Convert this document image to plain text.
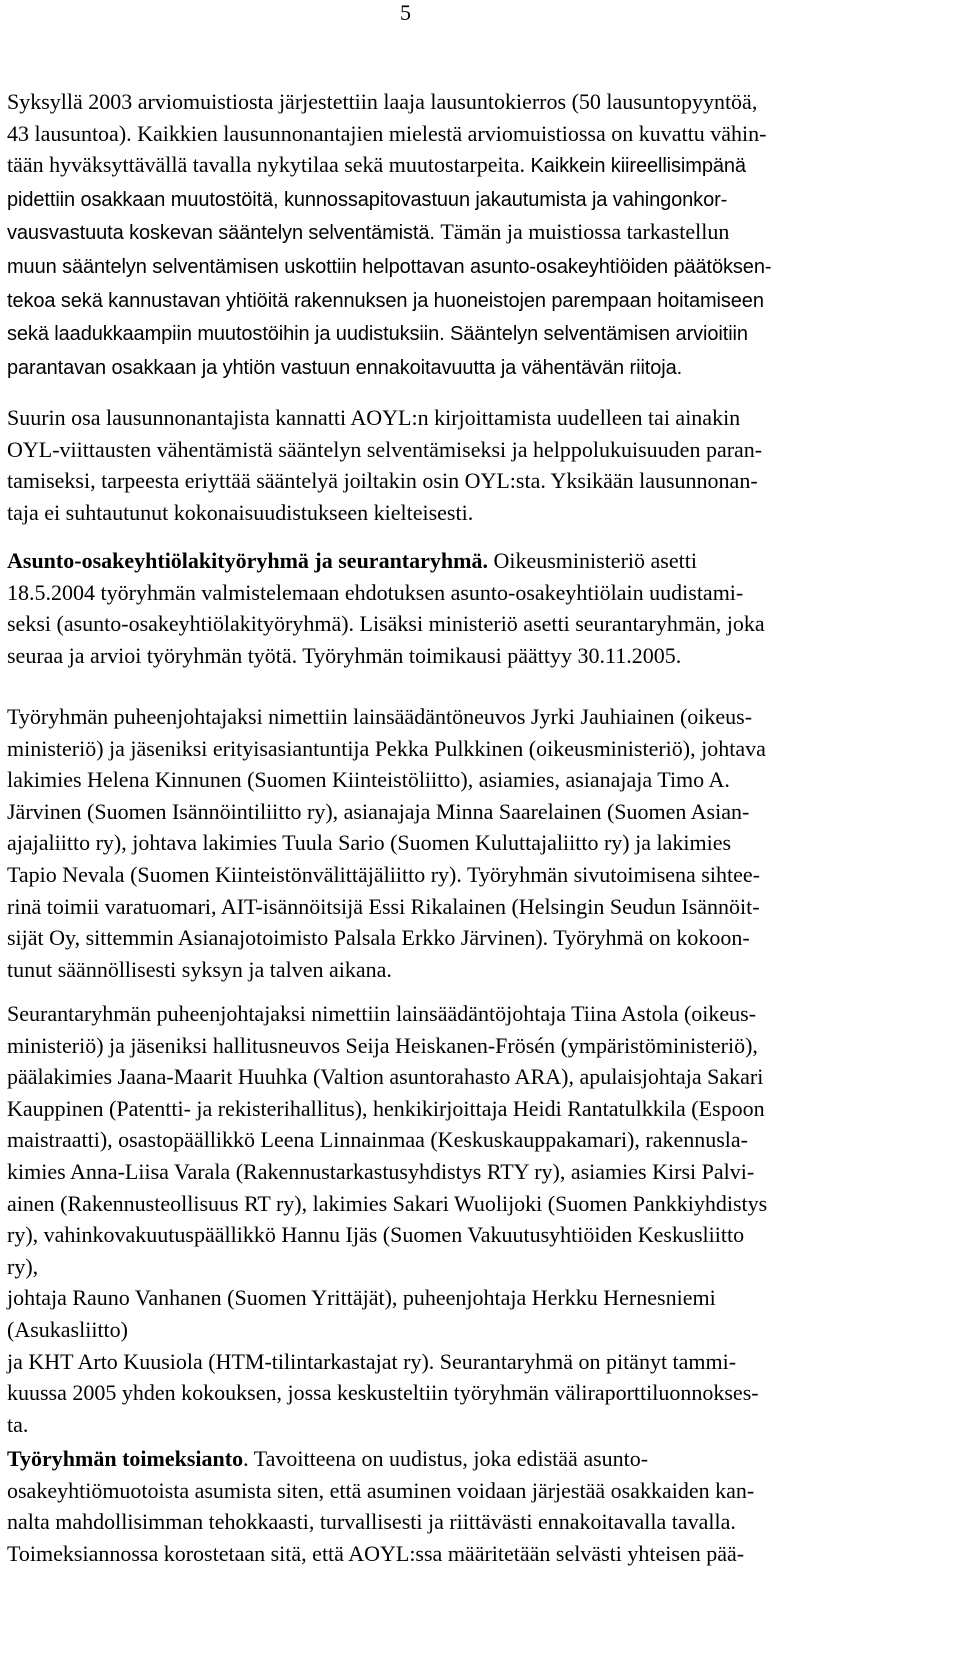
5

Syksyllä 2003 arviomuistiosta järjestettiin laaja lausuntokierros (50 lausuntopyyntöä,
43 lausuntoa). Kaikkien lausunnonantajien mielestä arviomuistiossa on kuvattu vähin-
tään hyväksyttävällä tavalla nykytilaa sekä muutostarpeita. Kaikkein kiireellisimpänä
pidettiin osakkaan muutostöitä, kunnossapitovastuun jakautumista ja vahingonkor-
vausvastuuta koskevan sääntelyn selventämistä. Tämän ja muistiossa tarkastellun
muun sääntelyn selventämisen uskottiin helpottavan asunto-osakeyhtiöiden päätöksen-
tekoa sekä kannustavan yhtiöitä rakennuksen ja huoneistojen parempaan hoitamiseen
sekä laadukkaampiin muutostöihin ja uudistuksiin. Sääntelyn selventämisen arvioitiin
parantavan osakkaan ja yhtiön vastuun ennakoitavuutta ja vähentävän riitoja.

Suurin osa lausunnonantajista kannatti AOYL:n kirjoittamista uudelleen tai ainakin
OYL-viittausten vähentämistä sääntelyn selventämiseksi ja helppolukuisuuden paran-
tamiseksi, tarpeesta eriyttää sääntelyä joiltakin osin OYL:sta. Yksikään lausunnonan-
taja ei suhtautunut kokonaisuudistukseen kielteisesti.

Asunto-osakeyhtiölakityöryhmä ja seurantaryhmä. Oikeusministeriö asetti
18.5.2004 työryhmän valmistelemaan ehdotuksen asunto-osakeyhtiölain uudistami-
seksi (asunto-osakeyhtiölakityöryhmä). Lisäksi ministeriö asetti seurantaryhmän, joka
seuraa ja arvioi työryhmän työtä. Työryhmän toimikausi päättyy 30.11.2005.

Työryhmän puheenjohtajaksi nimettiin lainsäädäntöneuvos Jyrki Jauhiainen (oikeus-
ministeriö) ja jäseniksi erityisasiantuntija Pekka Pulkkinen (oikeusministeriö), johtava
lakimies Helena Kinnunen (Suomen Kiinteistöliitto), asiamies, asianajaja Timo A.
Järvinen (Suomen Isännöintiliitto ry), asianajaja Minna Saarelainen (Suomen Asian-
ajajaliitto ry), johtava lakimies Tuula Sario (Suomen Kuluttajaliitto ry) ja lakimies
Tapio Nevala (Suomen Kiinteistönvälittäjäliitto ry). Työryhmän sivutoimisena sihtee-
rinä toimii varatuomari, AIT-isännöitsijä Essi Rikalainen (Helsingin Seudun Isännöit-
sijät Oy, sittemmin Asianajotoimisto Palsala Erkko Järvinen). Työryhmä on kokoon-
tunut säännöllisesti syksyn ja talven aikana.

Seurantaryhmän puheenjohtajaksi nimettiin lainsäädäntöjohtaja Tiina Astola (oikeus-
ministeriö) ja jäseniksi hallitusneuvos Seija Heiskanen-Frösén (ympäristöministeriö),
päälakimies Jaana-Maarit Huuhka (Valtion asuntorahasto ARA), apulaisjohtaja Sakari
Kauppinen (Patentti- ja rekisterihallitus), henkikirjoittaja Heidi Rantatulkkila (Espoon
maistraatti), osastopäällikkö Leena Linnainmaa (Keskuskauppakamari), rakennusla-
kimies Anna-Liisa Varala (Rakennustarkastusyhdistys RTY ry), asiamies Kirsi Palvi-
ainen (Rakennusteollisuus RT ry), lakimies Sakari Wuolijoki (Suomen Pankkiyhdistys
ry), vahinkovakuutuspäällikkö Hannu Ijäs (Suomen Vakuutusyhtiöiden Keskusliitto
ry),
johtaja Rauno Vanhanen (Suomen Yrittäjät), puheenjohtaja Herkku Hernesniemi
(Asukasliitto)
ja KHT Arto Kuusiola (HTM-tilintarkastajat ry). Seurantaryhmä on pitänyt tammi-
kuussa 2005 yhden kokouksen, jossa keskusteltiin työryhmän väliraporttiluonnokses-
ta.

Työryhmän toimeksianto. Tavoitteena on uudistus, joka edistää asunto-
osakeyhtiömuotoista asumista siten, että asuminen voidaan järjestää osakkaiden kan-
nalta mahdollisimman tehokkaasti, turvallisesti ja riittävästi ennakoitavalla tavalla.
Toimeksiannossa korostetaan sitä, että AOYL:ssa määritetään selvästi yhteisen pää-
